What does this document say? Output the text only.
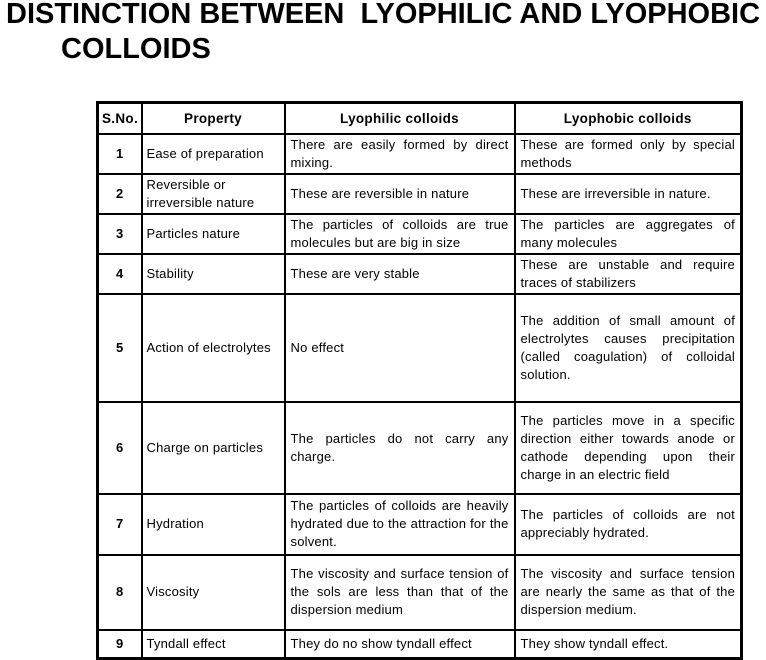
DISTINCTION BETWEEN  LYOPHILIC AND LYOPHOBIC
COLLOIDS
S.No.	Property	Lyophilic colloids	Lyophobic colloids
1	Ease of preparation	There are easily formed by direct mixing.	These are formed only by special methods
2	Reversible or irreversible nature	These are reversible in nature	These are irreversible in nature.
3	Particles nature	The particles of colloids are true molecules but are big in size	The particles are aggregates of many molecules
4	Stability	These are very stable	These are unstable and require traces of stabilizers
5	Action of electrolytes	No effect	The addition of small amount of electrolytes causes precipitation (called coagulation) of colloidal solution.
6	Charge on particles	The particles do not carry any charge.	The particles move in a specific direction either towards anode or cathode depending upon their charge in an electric field
7	Hydration	The particles of colloids are heavily hydrated due to the attraction for the solvent.	The particles of colloids are not appreciably hydrated.
8	Viscosity	The viscosity and surface tension of the sols are less than that of the dispersion medium	The viscosity and surface tension are nearly the same as that of the dispersion medium.
9	Tyndall effect	They do no show tyndall effect	They show tyndall effect.
